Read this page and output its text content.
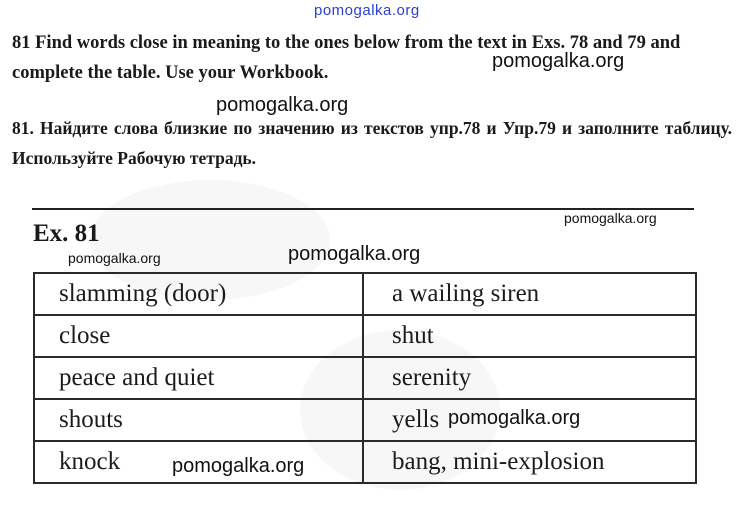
pomogalka.org
81 Find words close in meaning to the ones below from the text in Exs. 78 and 79 and complete the table. Use your Workbook.
pomogalka.org
pomogalka.org
81. Найдите слова близкие по значению из текстов упр.78 и Упр.79 и заполните таблицу. Используйте Рабочую тетрадь.
pomogalka.org
Ex. 81
pomogalka.org	pomogalka.org
slamming (door)	a wailing siren
close	shut
peace and quiet	serenity
shouts	yells
knock	bang, mini-explosion
pomogalka.org
pomogalka.org
